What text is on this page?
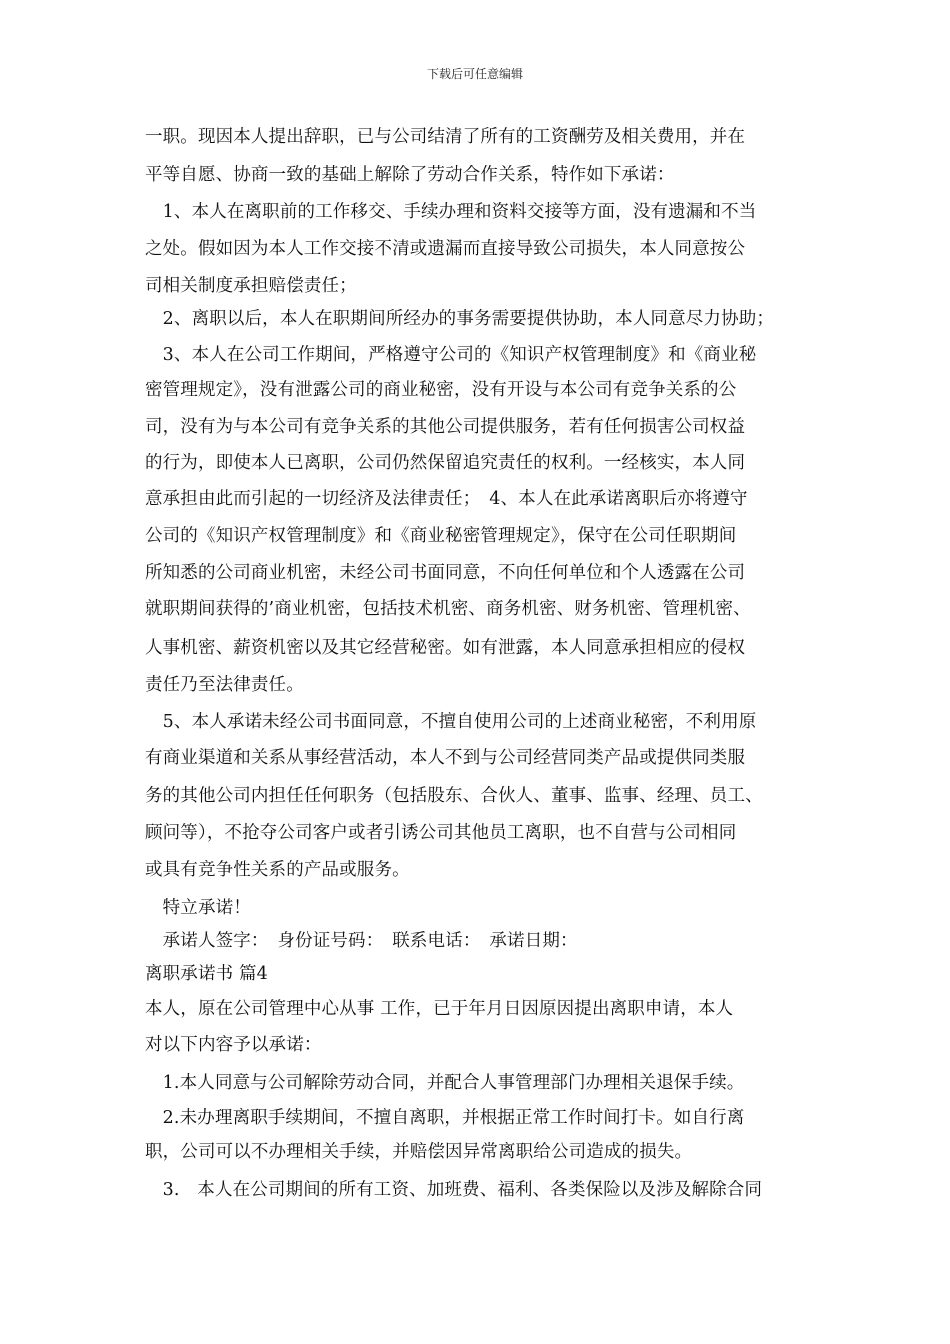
下载后可任意编辑
一职。现因本人提出辞职，已与公司结清了所有的工资酬劳及相关费用，并在
平等自愿、协商一致的基础上解除了劳动合作关系，特作如下承诺：
　1、本人在离职前的工作移交、手续办理和资料交接等方面，没有遗漏和不当
之处。假如因为本人工作交接不清或遗漏而直接导致公司损失，本人同意按公
司相关制度承担赔偿责任；
　2、离职以后，本人在职期间所经办的事务需要提供协助，本人同意尽力协助；
　3、本人在公司工作期间，严格遵守公司的《知识产权管理制度》和《商业秘
密管理规定》，没有泄露公司的商业秘密，没有开设与本公司有竞争关系的公
司，没有为与本公司有竞争关系的其他公司提供服务，若有任何损害公司权益
的行为，即使本人已离职，公司仍然保留追究责任的权利。一经核实，本人同
意承担由此而引起的一切经济及法律责任；　4、本人在此承诺离职后亦将遵守
公司的《知识产权管理制度》和《商业秘密管理规定》，保守在公司任职期间
所知悉的公司商业机密，未经公司书面同意，不向任何单位和个人透露在公司
就职期间获得的’商业机密，包括技术机密、商务机密、财务机密、管理机密、
人事机密、薪资机密以及其它经营秘密。如有泄露，本人同意承担相应的侵权
责任乃至法律责任。
　5、本人承诺未经公司书面同意，不擅自使用公司的上述商业秘密，不利用原
有商业渠道和关系从事经营活动，本人不到与公司经营同类产品或提供同类服
务的其他公司内担任任何职务（包括股东、合伙人、董事、监事、经理、员工、
顾问等），不抢夺公司客户或者引诱公司其他员工离职，也不自营与公司相同
或具有竞争性关系的产品或服务。
　特立承诺！
　承诺人签字：　身份证号码：　联系电话：　承诺日期：
离职承诺书 篇4
本人，原在公司管理中心从事 工作，已于年月日因原因提出离职申请，本人
对以下内容予以承诺：
　1.本人同意与公司解除劳动合同，并配合人事管理部门办理相关退保手续。
　2.未办理离职手续期间，不擅自离职，并根据正常工作时间打卡。如自行离
职，公司可以不办理相关手续，并赔偿因异常离职给公司造成的损失。
　3.　本人在公司期间的所有工资、加班费、福利、各类保险以及涉及解除合同
